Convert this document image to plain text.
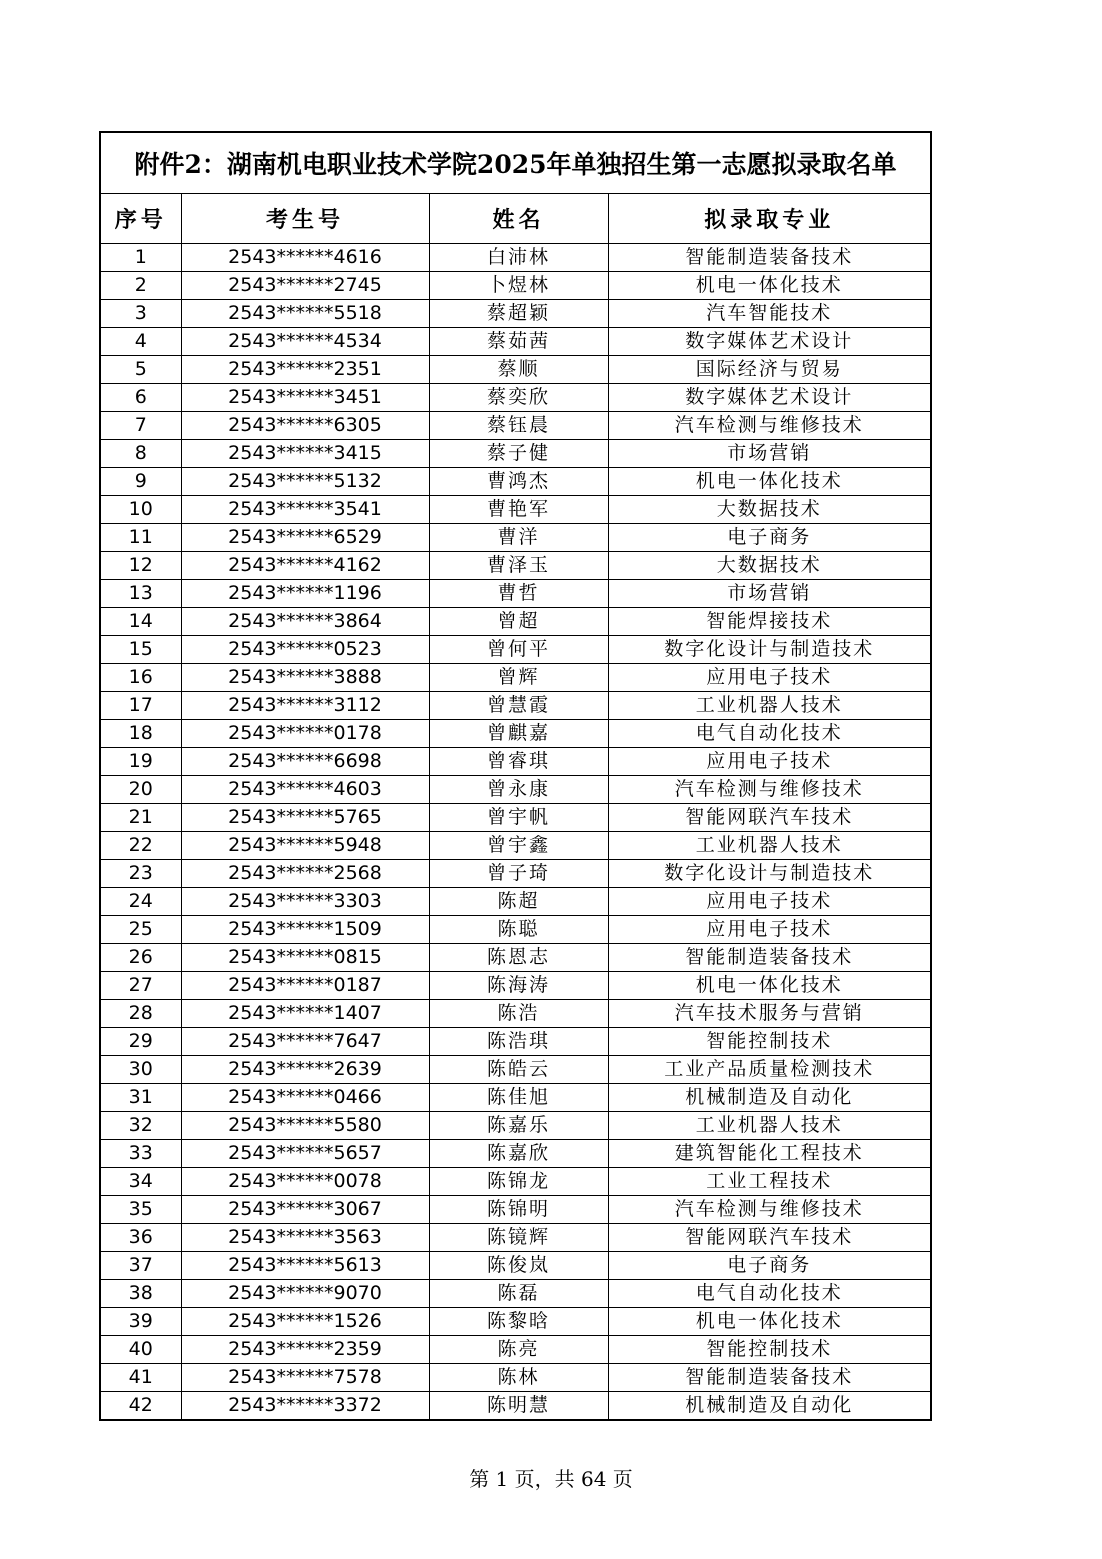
附件2：湖南机电职业技术学院2025年单独招生第一志愿拟录取名单			
序号	考生号	姓名	拟录取专业
1	2543******4616	白沛林	智能制造装备技术
2	2543******2745	卜煜林	机电一体化技术
3	2543******5518	蔡超颖	汽车智能技术
4	2543******4534	蔡茹茜	数字媒体艺术设计
5	2543******2351	蔡顺	国际经济与贸易
6	2543******3451	蔡奕欣	数字媒体艺术设计
7	2543******6305	蔡钰晨	汽车检测与维修技术
8	2543******3415	蔡子健	市场营销
9	2543******5132	曹鸿杰	机电一体化技术
10	2543******3541	曹艳军	大数据技术
11	2543******6529	曹洋	电子商务
12	2543******4162	曹泽玉	大数据技术
13	2543******1196	曹哲	市场营销
14	2543******3864	曾超	智能焊接技术
15	2543******0523	曾何平	数字化设计与制造技术
16	2543******3888	曾辉	应用电子技术
17	2543******3112	曾慧霞	工业机器人技术
18	2543******0178	曾麒嘉	电气自动化技术
19	2543******6698	曾睿琪	应用电子技术
20	2543******4603	曾永康	汽车检测与维修技术
21	2543******5765	曾宇帆	智能网联汽车技术
22	2543******5948	曾宇鑫	工业机器人技术
23	2543******2568	曾子琦	数字化设计与制造技术
24	2543******3303	陈超	应用电子技术
25	2543******1509	陈聪	应用电子技术
26	2543******0815	陈恩志	智能制造装备技术
27	2543******0187	陈海涛	机电一体化技术
28	2543******1407	陈浩	汽车技术服务与营销
29	2543******7647	陈浩琪	智能控制技术
30	2543******2639	陈皓云	工业产品质量检测技术
31	2543******0466	陈佳旭	机械制造及自动化
32	2543******5580	陈嘉乐	工业机器人技术
33	2543******5657	陈嘉欣	建筑智能化工程技术
34	2543******0078	陈锦龙	工业工程技术
35	2543******3067	陈锦明	汽车检测与维修技术
36	2543******3563	陈镜辉	智能网联汽车技术
37	2543******5613	陈俊岚	电子商务
38	2543******9070	陈磊	电气自动化技术
39	2543******1526	陈黎晗	机电一体化技术
40	2543******2359	陈亮	智能控制技术
41	2543******7578	陈林	智能制造装备技术
42	2543******3372	陈明慧	机械制造及自动化
第 1 页，共 64 页
